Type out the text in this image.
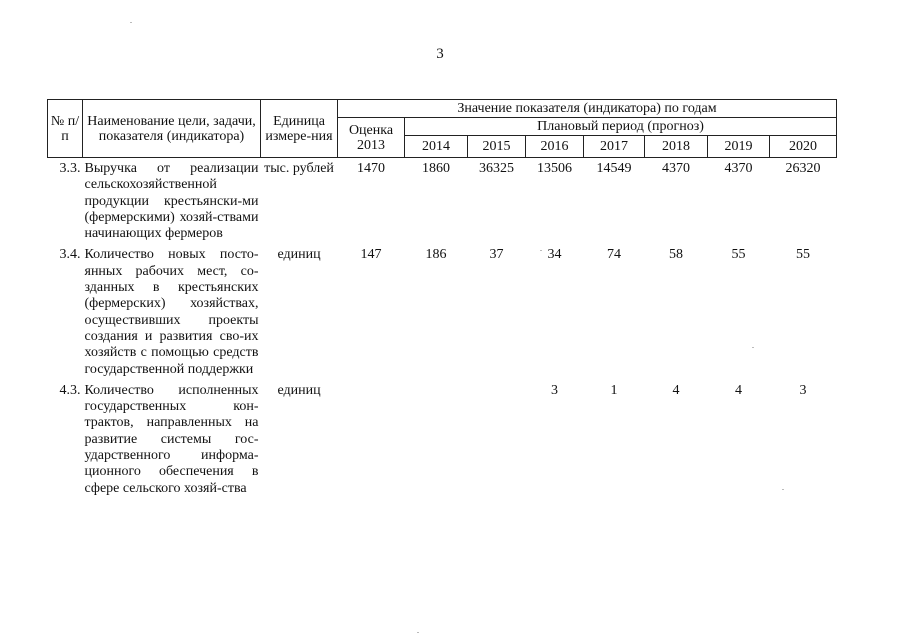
3
№ п/п	Наименование цели, задачи, показателя (индикатора)	Единица измере-ния	Значение показателя (индикатора) по годам							
			Оценка 2013	Плановый период (прогноз)						
				2014	2015	2016	2017	2018	2019	2020
3.3.	Выручка от реализации сельскохозяйственной продукции крестьянски-ми (фермерскими) хозяй-ствами начинающих фермеров	тыс. рублей	1470	1860	36325	13506	14549	4370	4370	26320
3.4.	Количество новых посто-янных рабочих мест, со-зданных в крестьянских (фермерских) хозяйствах, осуществивших проекты создания и развития сво-их хозяйств с помощью средств государственной поддержки	единиц	147	186	37	34	74	58	55	55
4.3.	Количество исполненных государственных кон-трактов, направленных на развитие системы гос-ударственного информа-ционного обеспечения в сфере сельского хозяй-ства	единиц				3	1	4	4	3
